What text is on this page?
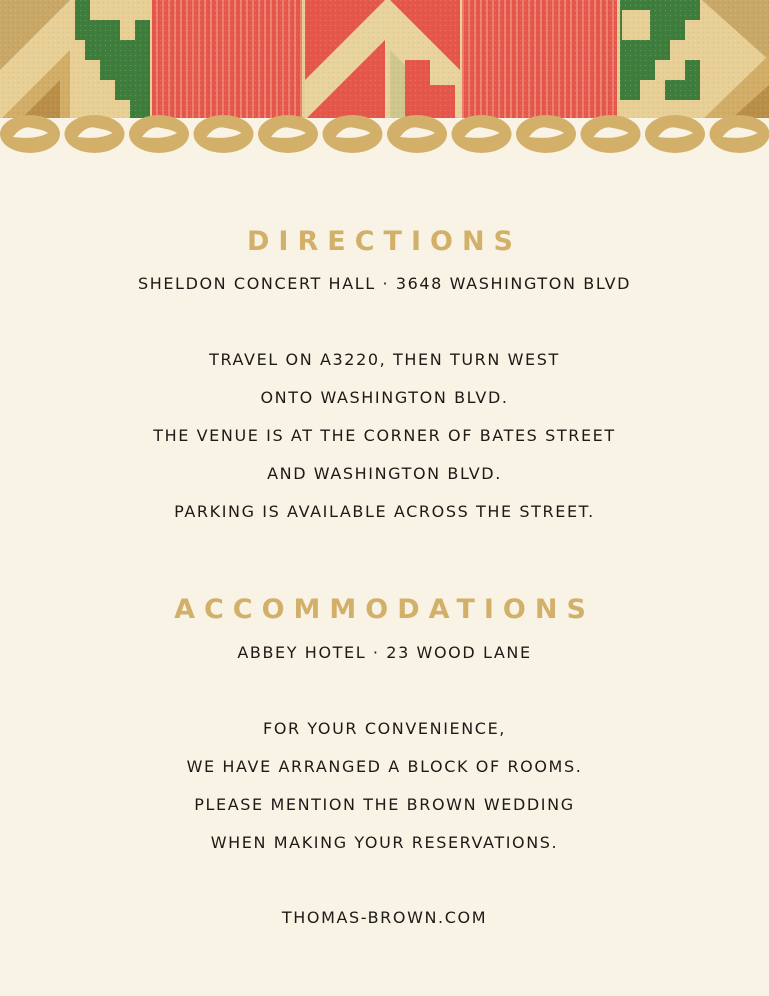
DIRECTIONS
SHELDON CONCERT HALL · 3648 WASHINGTON BLVD
TRAVEL ON A3220, THEN TURN WEST
ONTO WASHINGTON BLVD.
THE VENUE IS AT THE CORNER OF BATES STREET
AND WASHINGTON BLVD.
PARKING IS AVAILABLE ACROSS THE STREET.
ACCOMMODATIONS
ABBEY HOTEL · 23 WOOD LANE
FOR YOUR CONVENIENCE,
WE HAVE ARRANGED A BLOCK OF ROOMS.
PLEASE MENTION THE BROWN WEDDING
WHEN MAKING YOUR RESERVATIONS.
THOMAS-BROWN.COM
